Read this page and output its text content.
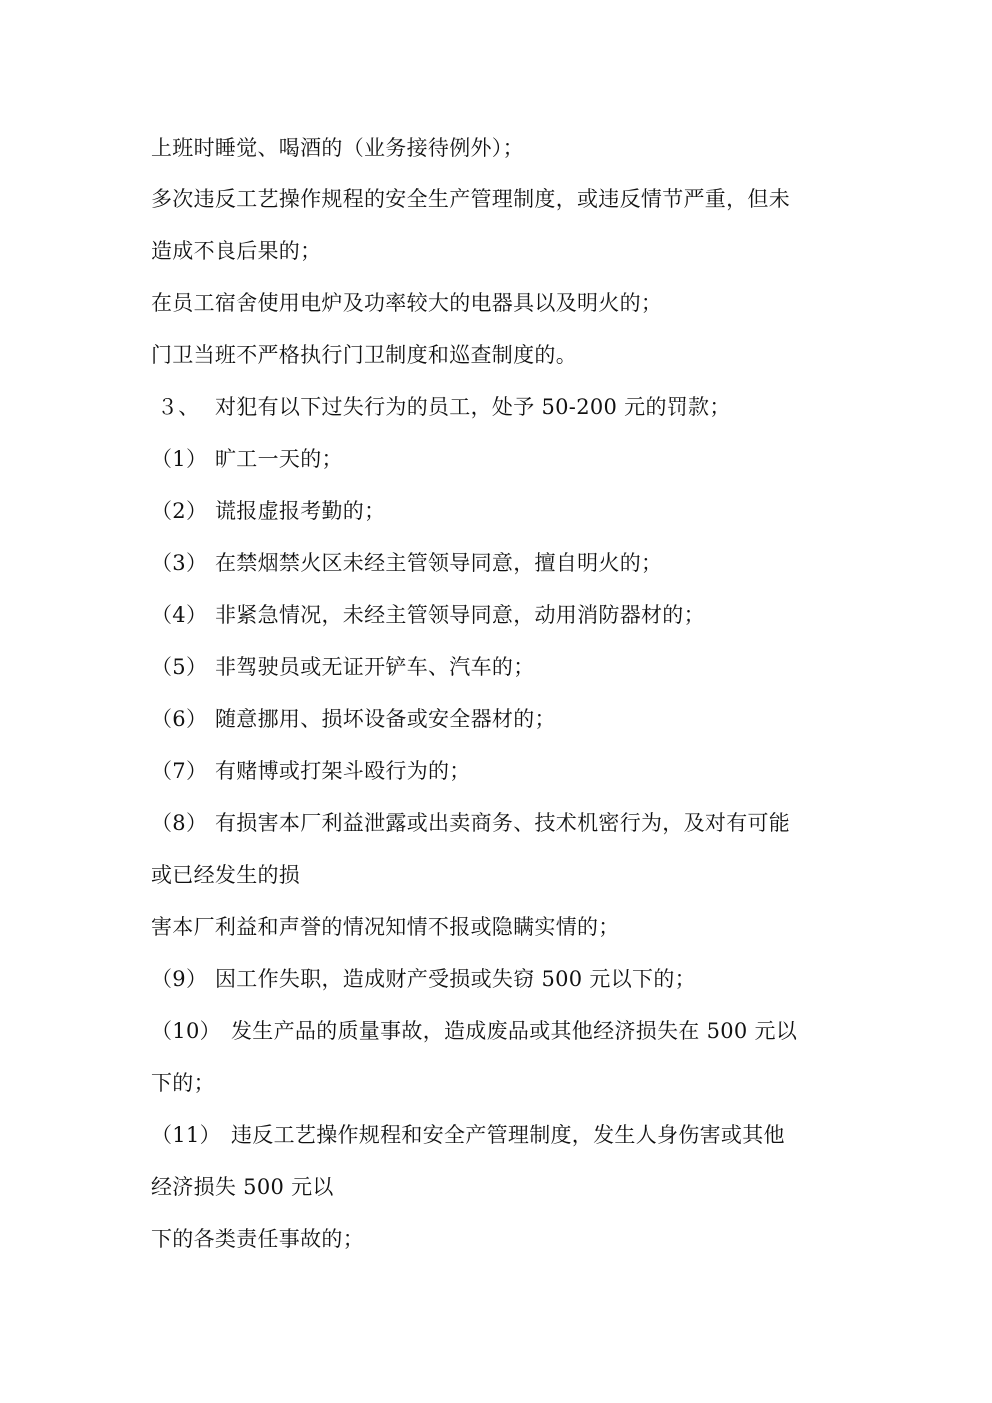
上班时睡觉、喝酒的（业务接待例外）；
多次违反工艺操作规程的安全生产管理制度，或违反情节严重，但未
造成不良后果的；
在员工宿舍使用电炉及功率较大的电器具以及明火的；
门卫当班不严格执行门卫制度和巡查制度的。
３、 对犯有以下过失行为的员工，处予 50-200 元的罚款；
（1） 旷工一天的；
（2） 谎报虚报考勤的；
（3） 在禁烟禁火区未经主管领导同意，擅自明火的；
（4） 非紧急情况，未经主管领导同意，动用消防器材的；
（5） 非驾驶员或无证开铲车、汽车的；
（6） 随意挪用、损坏设备或安全器材的；
（7） 有赌博或打架斗殴行为的；
（8） 有损害本厂利益泄露或出卖商务、技术机密行为，及对有可能
或已经发生的损
害本厂利益和声誉的情况知情不报或隐瞒实情的；
（9） 因工作失职，造成财产受损或失窃 500 元以下的；
（10） 发生产品的质量事故，造成废品或其他经济损失在 500 元以
下的；
（11） 违反工艺操作规程和安全产管理制度，发生人身伤害或其他
经济损失 500 元以
下的各类责任事故的；
